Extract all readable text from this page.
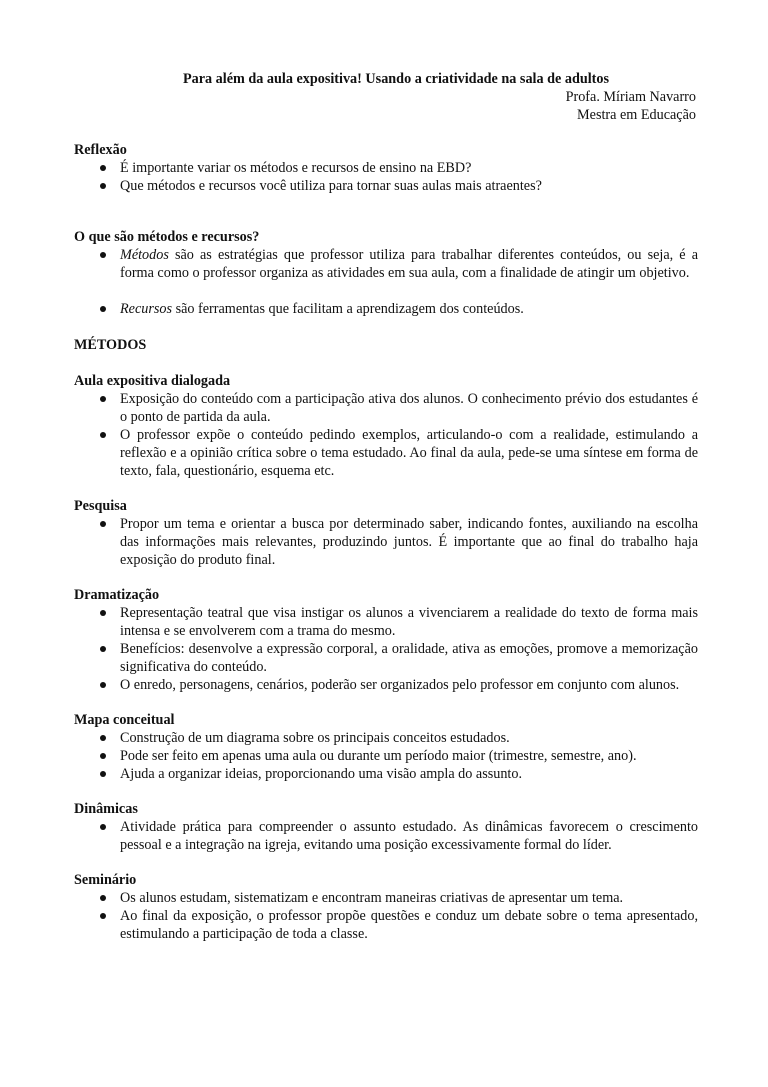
Para além da aula expositiva! Usando a criatividade na sala de adultos
Profa. Míriam Navarro
Mestra em Educação
Reflexão
É importante variar os métodos e recursos de ensino na EBD?
Que métodos e recursos você utiliza para tornar suas aulas mais atraentes?
O que são métodos e recursos?
Métodos são as estratégias que professor utiliza para trabalhar diferentes conteúdos, ou seja, é a forma como o professor organiza as atividades em sua aula, com a finalidade de atingir um objetivo.
Recursos são ferramentas que facilitam a aprendizagem dos conteúdos.
MÉTODOS
Aula expositiva dialogada
Exposição do conteúdo com a participação ativa dos alunos. O conhecimento prévio dos estudantes é o ponto de partida da aula.
O professor expõe o conteúdo pedindo exemplos, articulando-o com a realidade, estimulando a reflexão e a opinião crítica sobre o tema estudado. Ao final da aula, pede-se uma síntese em forma de texto, fala, questionário, esquema etc.
Pesquisa
Propor um tema e orientar a busca por determinado saber, indicando fontes, auxiliando na escolha das informações mais relevantes, produzindo juntos. É importante que ao final do trabalho haja exposição do produto final.
Dramatização
Representação teatral que visa instigar os alunos a vivenciarem a realidade do texto de forma mais intensa e se envolverem com a trama do mesmo.
Benefícios: desenvolve a expressão corporal, a oralidade, ativa as emoções, promove a memorização significativa do conteúdo.
O enredo, personagens, cenários, poderão ser organizados pelo professor em conjunto com alunos.
Mapa conceitual
Construção de um diagrama sobre os principais conceitos estudados.
Pode ser feito em apenas uma aula ou durante um período maior (trimestre, semestre, ano).
Ajuda a organizar ideias, proporcionando uma visão ampla do assunto.
Dinâmicas
Atividade prática para compreender o assunto estudado. As dinâmicas favorecem o crescimento pessoal e a integração na igreja, evitando uma posição excessivamente formal do líder.
Seminário
Os alunos estudam, sistematizam e encontram maneiras criativas de apresentar um tema.
Ao final da exposição, o professor propõe questões e conduz um debate sobre o tema apresentado, estimulando a participação de toda a classe.
